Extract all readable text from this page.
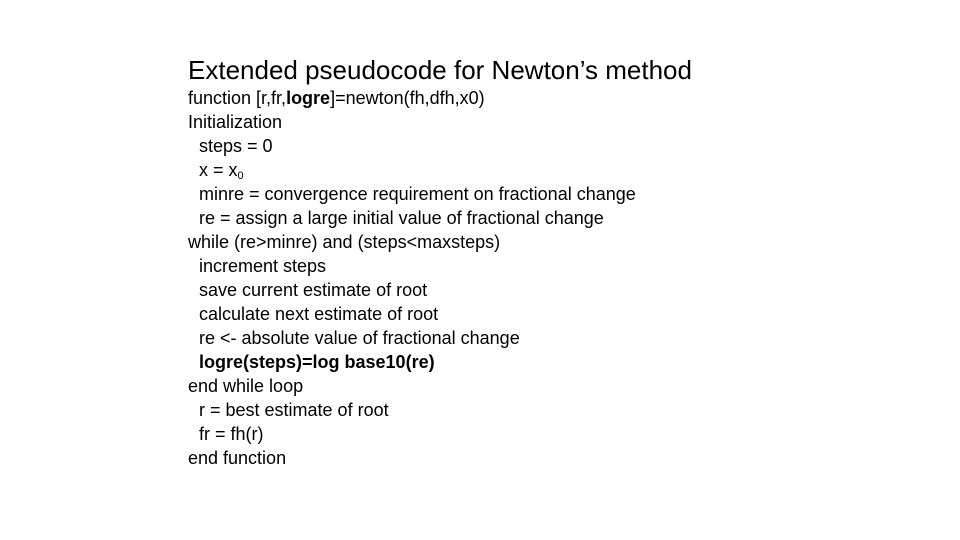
Extended pseudocode for Newton’s method
function [r,fr,logre]=newton(fh,dfh,x0)
Initialization
steps = 0
$x = x_0$
minre = convergence requirement on fractional change
re = assign a large initial value of fractional change
while (re>minre) and (steps<maxsteps)
increment steps
save current estimate of root
calculate next estimate of root
re <- absolute value of fractional change
logre(steps)=log base10(re)
end while loop
r = best estimate of root
fr = fh(r)
end function
